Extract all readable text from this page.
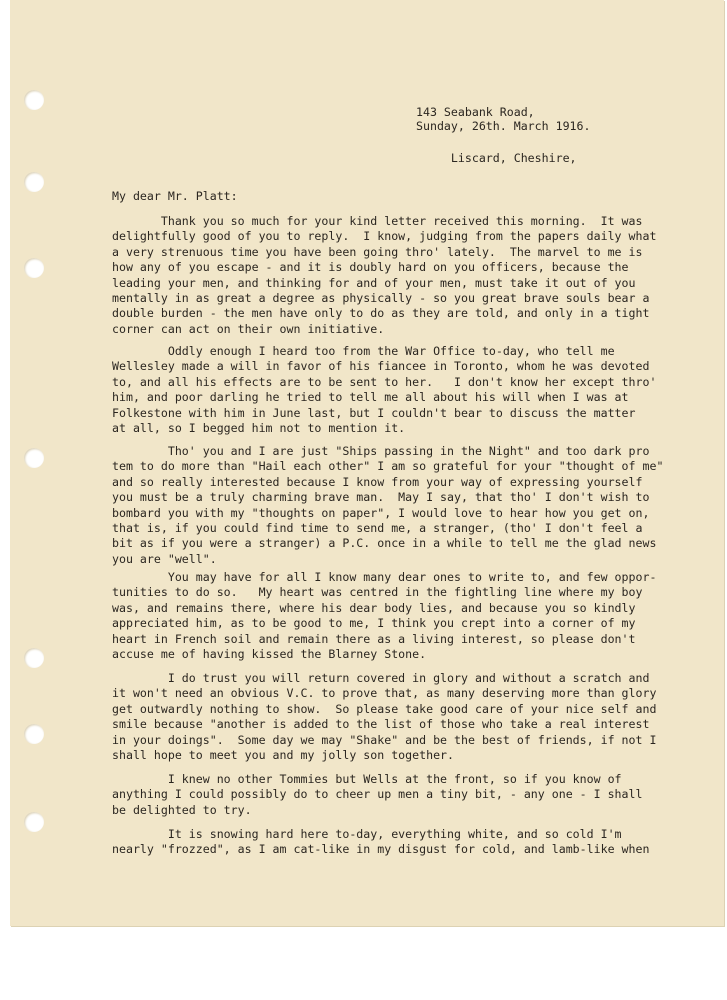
143 Seabank Road,

Liscard, Cheshire,

Sunday, 26th. March 1916.
My dear Mr. Platt:
Thank you so much for your kind letter received this morning.  It was
delightfully good of you to reply.  I know, judging from the papers daily what
a very strenuous time you have been going thro' lately.  The marvel to me is
how any of you escape - and it is doubly hard on you officers, because the
leading your men, and thinking for and of your men, must take it out of you
mentally in as great a degree as physically - so you great brave souls bear a
double burden - the men have only to do as they are told, and only in a tight
corner can act on their own initiative.
Oddly enough I heard too from the War Office to-day, who tell me
Wellesley made a will in favor of his fiancee in Toronto, whom he was devoted
to, and all his effects are to be sent to her.   I don't know her except thro'
him, and poor darling he tried to tell me all about his will when I was at
Folkestone with him in June last, but I couldn't bear to discuss the matter
at all, so I begged him not to mention it.
Tho' you and I are just "Ships passing in the Night" and too dark pro
tem to do more than "Hail each other" I am so grateful for your "thought of me"
and so really interested because I know from your way of expressing yourself
you must be a truly charming brave man.  May I say, that tho' I don't wish to
bombard you with my "thoughts on paper", I would love to hear how you get on,
that is, if you could find time to send me, a stranger, (tho' I don't feel a
bit as if you were a stranger) a P.C. once in a while to tell me the glad news
you are "well".
You may have for all I know many dear ones to write to, and few oppor-
tunities to do so.   My heart was centred in the fightling line where my boy
was, and remains there, where his dear body lies, and because you so kindly
appreciated him, as to be good to me, I think you crept into a corner of my
heart in French soil and remain there as a living interest, so please don't
accuse me of having kissed the Blarney Stone.
I do trust you will return covered in glory and without a scratch and
it won't need an obvious V.C. to prove that, as many deserving more than glory
get outwardly nothing to show.  So please take good care of your nice self and
smile because "another is added to the list of those who take a real interest
in your doings".  Some day we may "Shake" and be the best of friends, if not I
shall hope to meet you and my jolly son together.
I knew no other Tommies but Wells at the front, so if you know of
anything I could possibly do to cheer up men a tiny bit, - any one - I shall
be delighted to try.
It is snowing hard here to-day, everything white, and so cold I'm
nearly "frozzed", as I am cat-like in my disgust for cold, and lamb-like when
